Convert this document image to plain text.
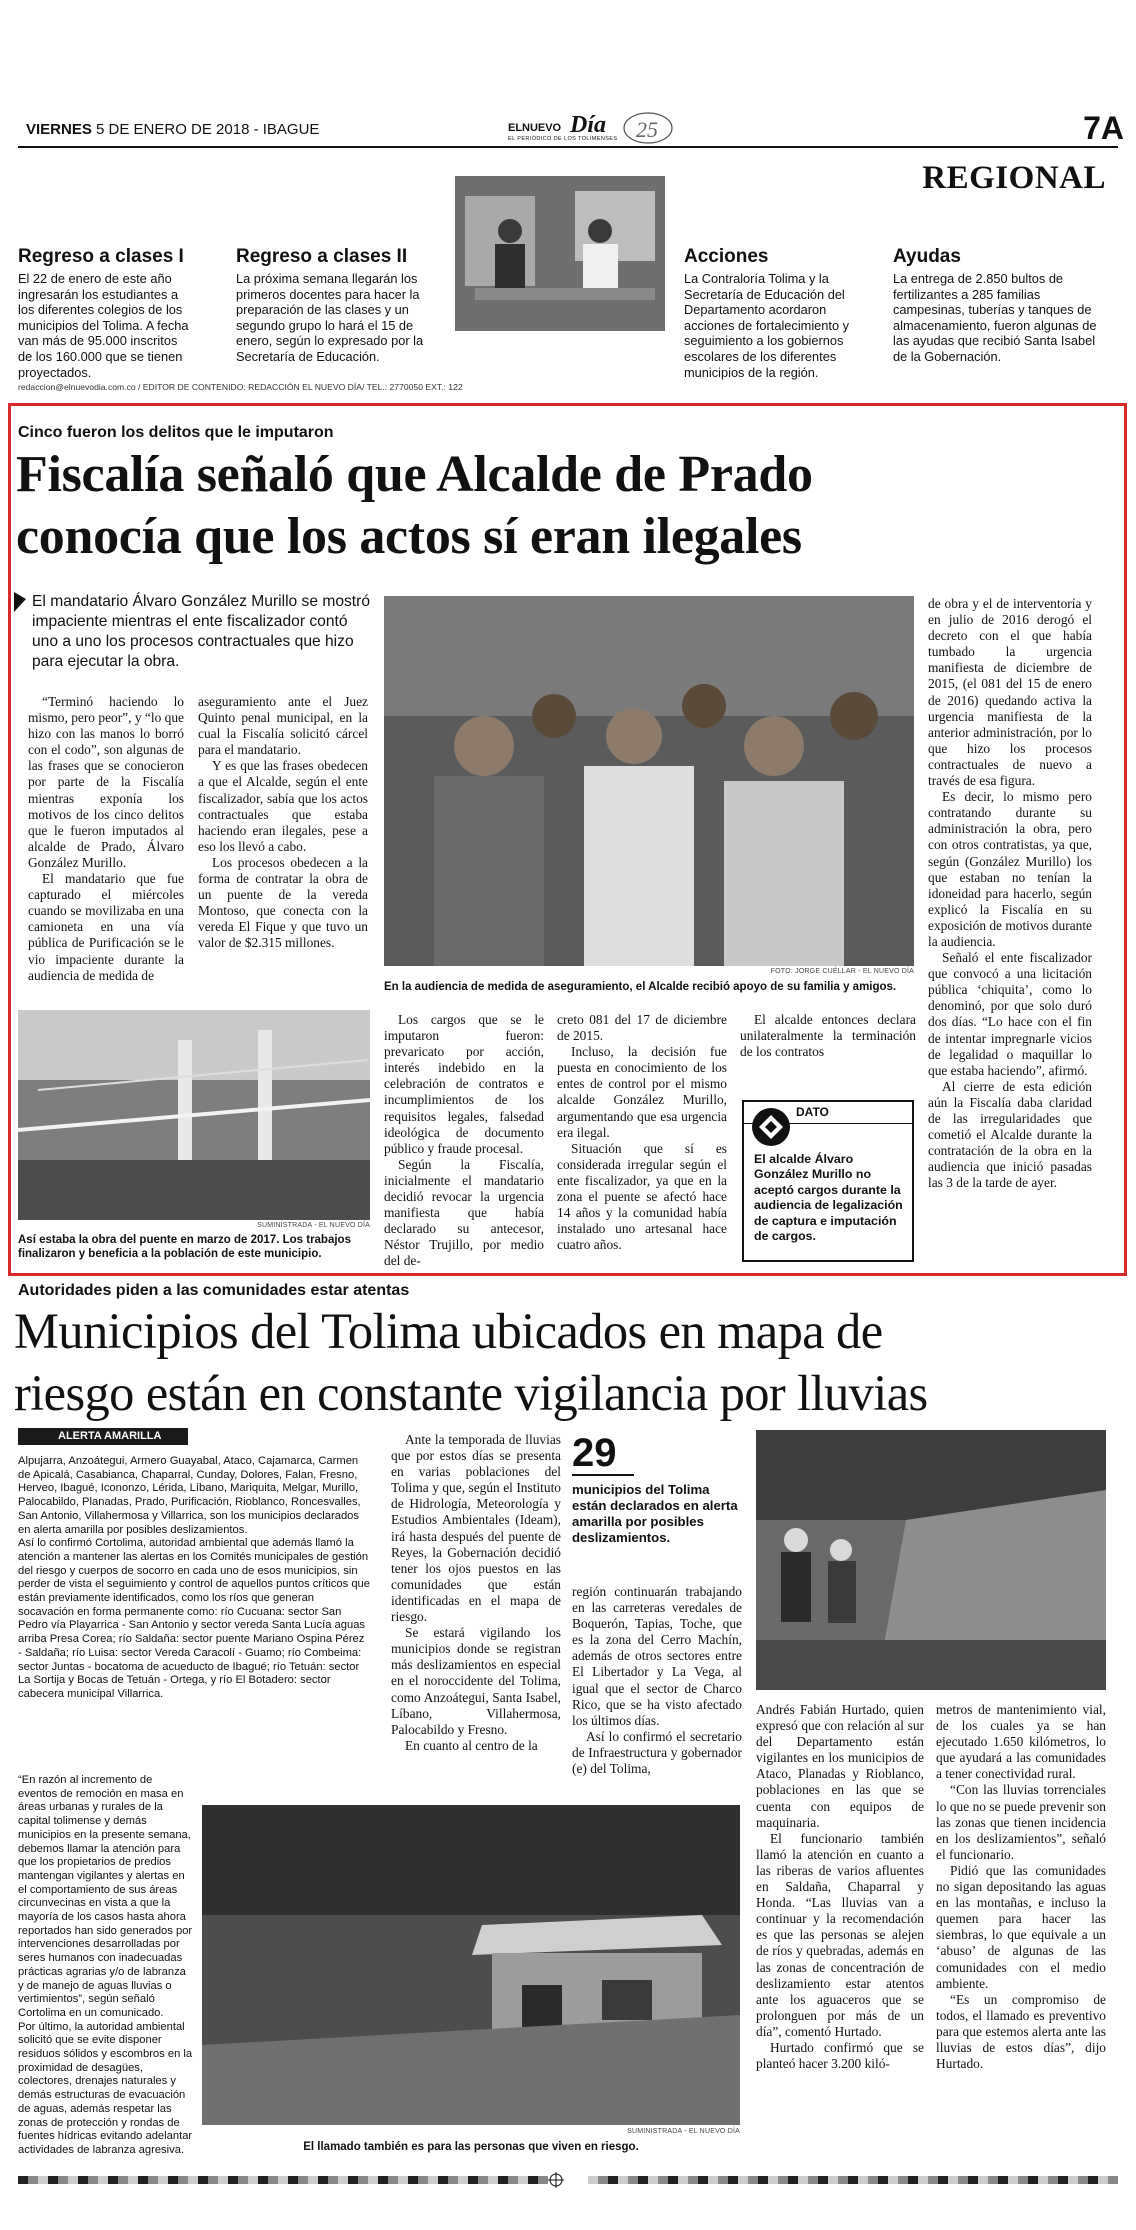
VIERNES 5 DE ENERO DE 2018 - IBAGUE	EL NUEVO Día
EL PERIÓDICO DE LOS TOLIMENSES 25	7A
REGIONAL
Regreso a clases I

El 22 de enero de este año ingresarán los estudiantes a los diferentes colegios de los municipios del Tolima. A fecha van más de 95.000 inscritos de los 160.000 que se tienen proyectados.

Regreso a clases II

La próxima semana llegarán los primeros docentes para hacer la preparación de las clases y un segundo grupo lo hará el 15 de enero, según lo expresado por la Secretaría de Educación.

Acciones

La Contraloría Tolima y la Secretaría de Educación del Departamento acordaron acciones de fortalecimiento y seguimiento a los gobiernos escolares de los diferentes municipios de la región.

Ayudas

La entrega de 2.850 bultos de fertilizantes a 285 familias campesinas, tuberías y tanques de almacenamiento, fueron algunas de las ayudas que recibió Santa Isabel de la Gobernación.

redaccion@elnuevodia.com.co / EDITOR DE CONTENIDO: REDACCIÓN EL NUEVO DÍA/ TEL.: 2770050 EXT.: 122
Cinco fueron los delitos que le imputaron
Fiscalía señaló que Alcalde de Prado
conocía que los actos sí eran ilegales
El mandatario Álvaro González Murillo se mostró impaciente mientras el ente fiscalizador contó uno a uno los procesos contractuales que hizo para ejecutar la obra.

“Terminó haciendo lo mismo, pero peor”, y “lo que hizo con las manos lo borró con el codo”, son algunas de las frases que se conocieron por parte de la Fiscalía mientras exponía los motivos de los cinco delitos que le fueron imputados al alcalde de Prado, Álvaro González Murillo.

El mandatario que fue capturado el miércoles cuando se movilizaba en una camioneta en una vía pública de Purificación se le vio impaciente durante la audiencia de medida de

aseguramiento ante el Juez Quinto penal municipal, en la cual la Fiscalía solicitó cárcel para el mandatario.

Y es que las frases obedecen a que el Alcalde, según el ente fiscalizador, sabía que los actos contractuales que estaba haciendo eran ilegales, pese a eso los llevó a cabo.

Los procesos obedecen a la forma de contratar la obra de un puente de la vereda Montoso, que conecta con la vereda El Fique y que tuvo un valor de $2.315 millones.

FOTO: JORGE CUÉLLAR - EL NUEVO DÍA
En la audiencia de medida de aseguramiento, el Alcalde recibió apoyo de su familia y amigos.
SUMINISTRADA - EL NUEVO DÍA
Así estaba la obra del puente en marzo de 2017. Los trabajos finalizaron y beneficia a la población de este municipio.

Los cargos que se le imputaron fueron: prevaricato por acción, interés indebido en la celebración de contratos e incumplimientos de los requisitos legales, falsedad ideológica de documento público y fraude procesal.

Según la Fiscalía, inicialmente el mandatario decidió revocar la urgencia manifiesta que había declarado su antecesor, Néstor Trujillo, por medio del de-

creto 081 del 17 de diciembre de 2015.

Incluso, la decisión fue puesta en conocimiento de los entes de control por el mismo alcalde González Murillo, argumentando que esa urgencia era ilegal.

Situación que sí es considerada irregular según el ente fiscalizador, ya que en la zona el puente se afectó hace 14 años y la comunidad había instalado uno artesanal hace cuatro años.

El alcalde entonces declara unilateralmente la terminación de los contratos

DATO
El alcalde Álvaro González Murillo no aceptó cargos durante la audiencia de legalización de captura e imputación de cargos.

de obra y el de interventoría y en julio de 2016 derogó el decreto con el que había tumbado la urgencia manifiesta de diciembre de 2015, (el 081 del 15 de enero de 2016) quedando activa la urgencia manifiesta de la anterior administración, por lo que hizo los procesos contractuales de nuevo a través de esa figura.

Es decir, lo mismo pero contratando durante su administración la obra, pero con otros contratistas, ya que, según (González Murillo) los que estaban no tenían la idoneidad para hacerlo, según explicó la Fiscalía en su exposición de motivos durante la audiencia.

Señaló el ente fiscalizador que convocó a una licitación pública ‘chiquita’, como lo denominó, por que solo duró dos días. “Lo hace con el fin de intentar impregnarle vicios de legalidad o maquillar lo que estaba haciendo”, afirmó.

Al cierre de esta edición aún la Fiscalía daba claridad de las irregularidades que cometió el Alcalde durante la contratación de la obra en la audiencia que inició pasadas las 3 de la tarde de ayer.

Autoridades piden a las comunidades estar atentas
Municipios del Tolima ubicados en mapa de
riesgo están en constante vigilancia por lluvias
ALERTA AMARILLA

Alpujarra, Anzoátegui, Armero Guayabal, Ataco, Cajamarca, Carmen de Apicalá, Casabianca, Chaparral, Cunday, Dolores, Falan, Fresno, Herveo, Ibagué, Icononzo, Lérida, Líbano, Mariquita, Melgar, Murillo, Palocabildo, Planadas, Prado, Purificación, Rioblanco, Roncesvalles, San Antonio, Villahermosa y Villarrica, son los municipios declarados en alerta amarilla por posibles deslizamientos.

Así lo confirmó Cortolima, autoridad ambiental que además llamó la atención a mantener las alertas en los Comités municipales de gestión del riesgo y cuerpos de socorro en cada uno de esos municipios, sin perder de vista el seguimiento y control de aquellos puntos críticos que están previamente identificados, como los ríos que generan socavación en forma permanente como: río Cucuana: sector San Pedro vía Playarrica - San Antonio y sector vereda Santa Lucía aguas arriba Presa Corea; río Saldaña: sector puente Mariano Ospina Pérez - Saldaña; río Luisa: sector Vereda Caracolí - Guamo; río Combeima: sector Juntas - bocatoma de acueducto de Ibagué; río Tetuán: sector La Sortija y Bocas de Tetuán - Ortega, y río El Botadero: sector cabecera municipal Villarrica.

“En razón al incremento de eventos de remoción en masa en áreas urbanas y rurales de la capital tolimense y demás municipios en la presente semana, debemos llamar la atención para que los propietarios de predios mantengan vigilantes y alertas en el comportamiento de sus áreas circunvecinas en vista a que la mayoría de los casos hasta ahora reportados han sido generados por intervenciones desarrolladas por seres humanos con inadecuadas prácticas agrarias y/o de labranza y de manejo de aguas lluvias o vertimientos”, según señaló Cortolima en un comunicado.

Por último, la autoridad ambiental solicitó que se evite disponer residuos sólidos y escombros en la proximidad de desagües, colectores, drenajes naturales y demás estructuras de evacuación de aguas, además respetar las zonas de protección y rondas de fuentes hídricas evitando adelantar actividades de labranza agresiva.

Ante la temporada de lluvias que por estos días se presenta en varias poblaciones del Tolima y que, según el Instituto de Hidrología, Meteorología y Estudios Ambientales (Ideam), irá hasta después del puente de Reyes, la Gobernación decidió tener los ojos puestos en las comunidades que están identificadas en el mapa de riesgo.

Se estará vigilando los municipios donde se registran más deslizamientos en especial en el noroccidente del Tolima, como Anzoátegui, Santa Isabel, Líbano, Villahermosa, Palocabildo y Fresno.

En cuanto al centro de la

29
municipios del Tolima están declarados en alerta amarilla por posibles deslizamientos.

región continuarán trabajando en las carreteras veredales de Boquerón, Tapias, Toche, que es la zona del Cerro Machín, además de otros sectores entre El Libertador y La Vega, al igual que el sector de Charco Rico, que se ha visto afectado los últimos días.

Así lo confirmó el secretario de Infraestructura y gobernador (e) del Tolima,

Andrés Fabián Hurtado, quien expresó que con relación al sur del Departamento están vigilantes en los municipios de Ataco, Planadas y Rioblanco, poblaciones en las que se cuenta con equipos de maquinaria.

El funcionario también llamó la atención en cuanto a las riberas de varios afluentes en Saldaña, Chaparral y Honda. “Las lluvias van a continuar y la recomendación es que las personas se alejen de ríos y quebradas, además en las zonas de concentración de deslizamiento estar atentos ante los aguaceros que se prolonguen por más de un día”, comentó Hurtado.

Hurtado confirmó que se planteó hacer 3.200 kiló-

metros de mantenimiento vial, de los cuales ya se han ejecutado 1.650 kilómetros, lo que ayudará a las comunidades a tener conectividad rural.

“Con las lluvias torrenciales lo que no se puede prevenir son las zonas que tienen incidencia en los deslizamientos”, señaló el funcionario.

Pidió que las comunidades no sigan depositando las aguas en las montañas, e incluso la quemen para hacer las siembras, lo que equivale a un ‘abuso’ de algunas de las comunidades con el medio ambiente.

“Es un compromiso de todos, el llamado es preventivo para que estemos alerta ante las lluvias de estos días”, dijo Hurtado.

SUMINISTRADA - EL NUEVO DÍA
El llamado también es para las personas que viven en riesgo.
